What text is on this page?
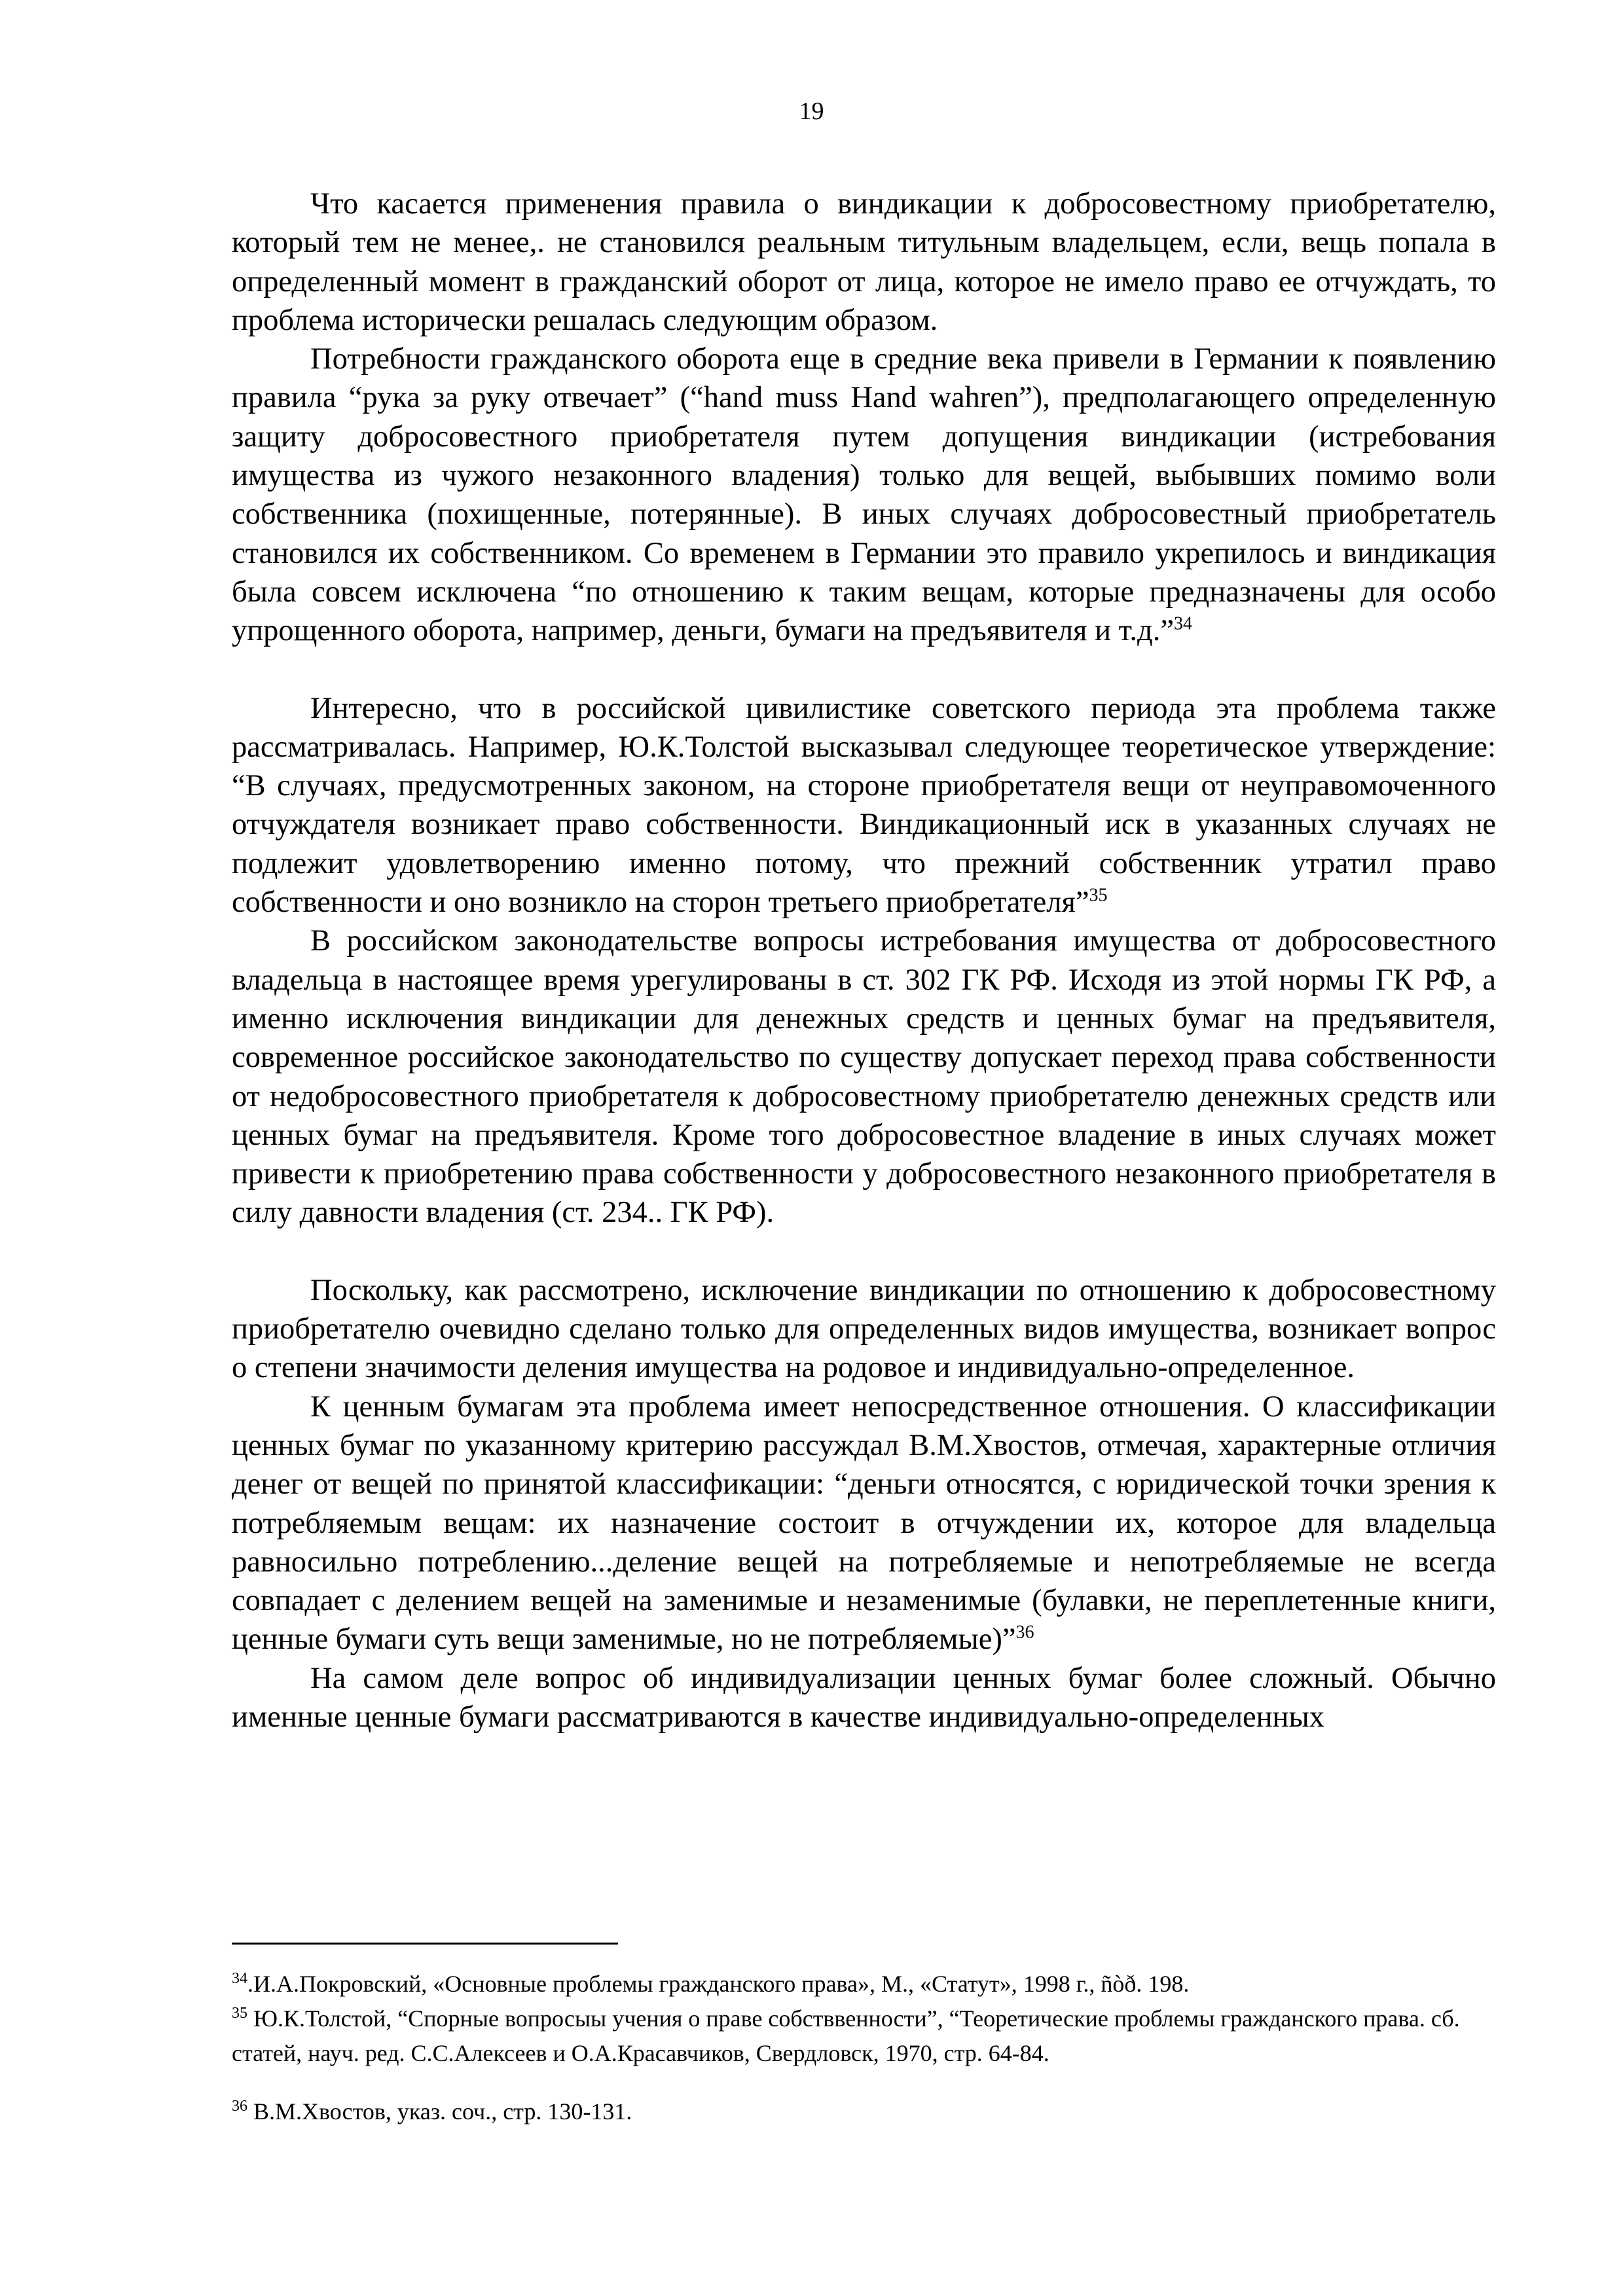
19

Что касается применения правила о виндикации к добросовестному приобретателю, который тем не менее,. не становился реальным титульным владельцем, если, вещь попала в определенный момент в гражданский оборот от лица, которое не имело право ее отчуждать, то проблема исторически решалась следующим образом.

Потребности гражданского оборота еще в средние века привели в Германии к появлению правила “рука за руку отвечает” (“hand muss Hand wahren”), предполагающего определенную защиту добросовестного приобретателя путем допущения виндикации (истребования имущества из чужого незаконного владения) только для вещей, выбывших помимо воли собственника (похищенные, потерянные). В иных случаях добросовестный приобретатель становился их собственником. Со временем в Германии это правило укрепилось и виндикация была совсем исключена “по отношению к таким вещам, которые предназначены для особо упрощенного оборота, например, деньги, бумаги на предъявителя и т.д.”$^{34}$

Интересно, что в российской цивилистике советского периода эта проблема также рассматривалась. Например, Ю.К.Толстой высказывал следующее теоретическое утверждение: “В случаях, предусмотренных законом, на стороне приобретателя вещи от неуправомоченного отчуждателя возникает право собственности. Виндикационный иск в указанных случаях не подлежит удовлетворению именно потому, что прежний собственник утратил право собственности и оно возникло на сторон третьего приобретателя”$^{35}$

В российском законодательстве вопросы истребования имущества от добросовестного владельца в настоящее время урегулированы в ст. 302 ГК РФ. Исходя из этой нормы ГК РФ, а именно исключения виндикации для денежных средств и ценных бумаг на предъявителя, современное российское законодательство по существу допускает переход права собственности от недобросовестного приобретателя к добросовестному приобретателю денежных средств или ценных бумаг на предъявителя. Кроме того добросовестное владение в иных случаях может привести к приобретению права собственности у добросовестного незаконного приобретателя в силу давности владения (ст. 234.. ГК РФ).

Поскольку, как рассмотрено, исключение виндикации по отношению к добросовестному приобретателю очевидно сделано только для определенных видов имущества, возникает вопрос о степени значимости деления имущества на родовое и индивидуально-определенное.

К ценным бумагам эта проблема имеет непосредственное отношения. О классификации ценных бумаг по указанному критерию рассуждал В.М.Хвостов, отмечая, характерные отличия денег от вещей по принятой классификации: “деньги относятся, с юридической точки зрения к потребляемым вещам: их назначение состоит в отчуждении их, которое для владельца равносильно потреблению...деление вещей на потребляемые и непотребляемые не всегда совпадает с делением вещей на заменимые и незаменимые (булавки, не переплетенные книги, ценные бумаги суть вещи заменимые, но не потребляемые)”$^{36}$

На самом деле вопрос об индивидуализации ценных бумаг более сложный. Обычно именные ценные бумаги рассматриваются в качестве индивидуально-определенных

$^{34}$.И.А.Покровский, «Основные проблемы гражданского права», М., «Статут», 1998 г., ñòð. 198.
$^{35}$ Ю.К.Толстой, “Спорные вопросыы учения о праве собстввенности”, “Теоретические проблемы гражданского права. сб. статей, науч. ред. С.С.Алексеев и О.А.Красавчиков, Свердловск, 1970, стр. 64-84.
$^{36}$ В.М.Хвостов, указ. соч., стр. 130-131.
